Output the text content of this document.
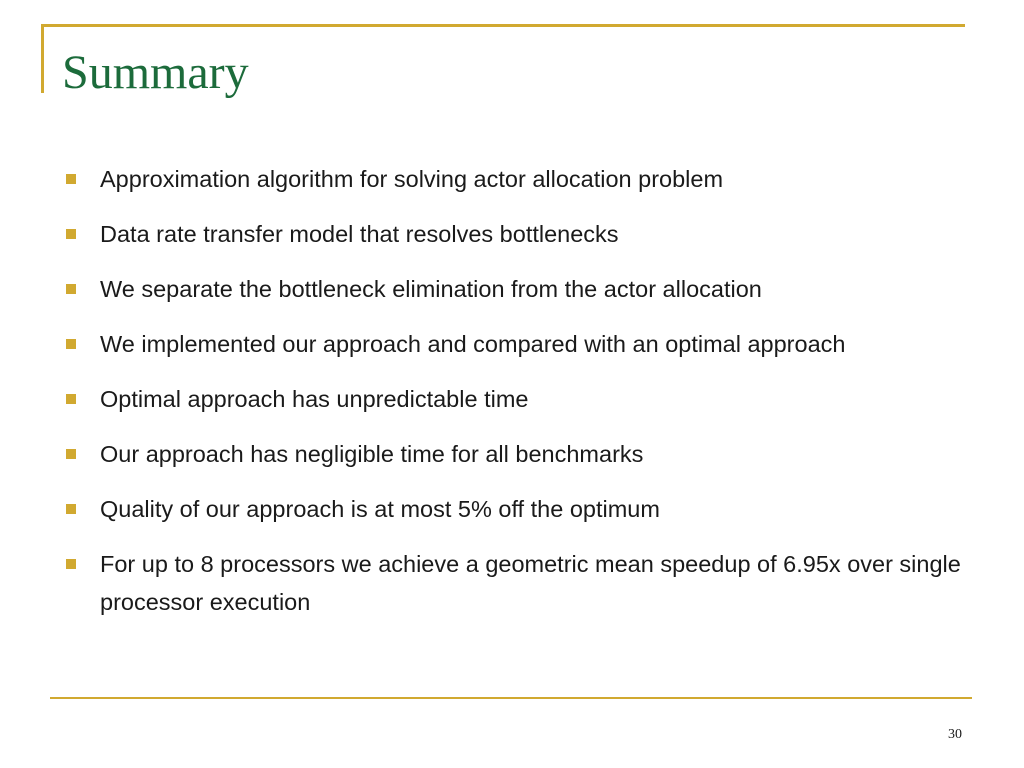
Summary
Approximation algorithm for solving actor allocation problem
Data rate transfer model that resolves bottlenecks
We separate the bottleneck elimination from the actor allocation
We implemented our approach and compared with an optimal approach
Optimal approach has unpredictable time
Our approach has negligible time for all benchmarks
Quality of our approach is at most 5% off the optimum
For up to 8 processors we achieve a geometric mean speedup of 6.95x over single processor execution
30
